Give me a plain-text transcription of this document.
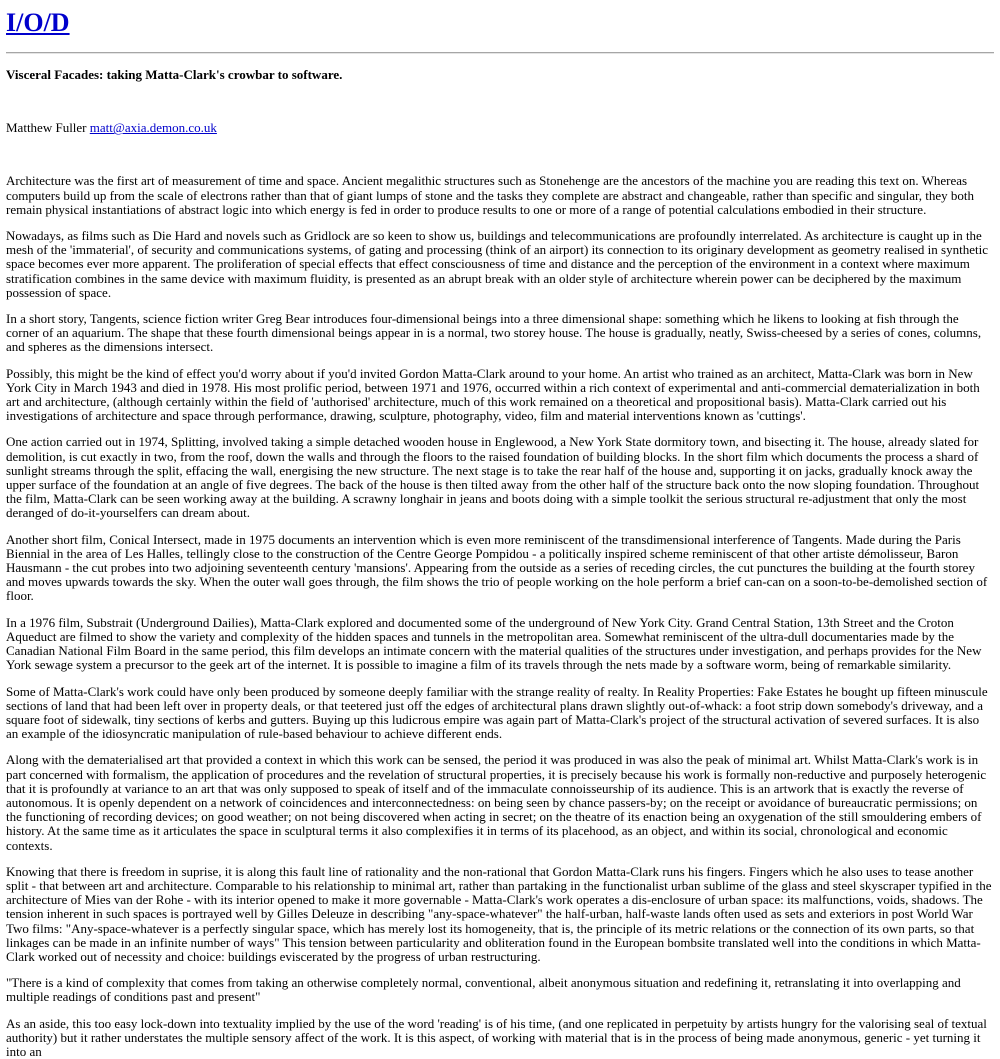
I/O/D
Visceral Facades: taking Matta-Clark's crowbar to software.
Matthew Fuller matt@axia.demon.co.uk

Architecture was the first art of measurement of time and space. Ancient megalithic structures such as Stonehenge are the ancestors of the machine you are reading this text on. Whereas computers build up from the scale of electrons rather than that of giant lumps of stone and the tasks they complete are abstract and changeable, rather than specific and singular, they both remain physical instantiations of abstract logic into which energy is fed in order to produce results to one or more of a range of potential calculations embodied in their structure.

Nowadays, as films such as Die Hard and novels such as Gridlock are so keen to show us, buildings and telecommunications are profoundly interrelated. As architecture is caught up in the mesh of the 'immaterial', of security and communications systems, of gating and processing (think of an airport) its connection to its originary development as geometry realised in synthetic space becomes ever more apparent. The proliferation of special effects that effect consciousness of time and distance and the perception of the environment in a context where maximum stratification combines in the same device with maximum fluidity, is presented as an abrupt break with an older style of architecture wherein power can be deciphered by the maximum possession of space.

In a short story, Tangents, science fiction writer Greg Bear introduces four-dimensional beings into a three dimensional shape: something which he likens to looking at fish through the corner of an aquarium. The shape that these fourth dimensional beings appear in is a normal, two storey house. The house is gradually, neatly, Swiss-cheesed by a series of cones, columns, and spheres as the dimensions intersect.

Possibly, this might be the kind of effect you'd worry about if you'd invited Gordon Matta-Clark around to your home. An artist who trained as an architect, Matta-Clark was born in New York City in March 1943 and died in 1978. His most prolific period, between 1971 and 1976, occurred within a rich context of experimental and anti-commercial dematerialization in both art and architecture, (although certainly within the field of 'authorised' architecture, much of this work remained on a theoretical and propositional basis). Matta-Clark carried out his investigations of architecture and space through performance, drawing, sculpture, photography, video, film and material interventions known as 'cuttings'.

One action carried out in 1974, Splitting, involved taking a simple detached wooden house in Englewood, a New York State dormitory town, and bisecting it. The house, already slated for demolition, is cut exactly in two, from the roof, down the walls and through the floors to the raised foundation of building blocks. In the short film which documents the process a shard of sunlight streams through the split, effacing the wall, energising the new structure. The next stage is to take the rear half of the house and, supporting it on jacks, gradually knock away the upper surface of the foundation at an angle of five degrees. The back of the house is then tilted away from the other half of the structure back onto the now sloping foundation. Throughout the film, Matta-Clark can be seen working away at the building. A scrawny longhair in jeans and boots doing with a simple toolkit the serious structural re-adjustment that only the most deranged of do-it-yourselfers can dream about.

Another short film, Conical Intersect, made in 1975 documents an intervention which is even more reminiscent of the transdimensional interference of Tangents. Made during the Paris Biennial in the area of Les Halles, tellingly close to the construction of the Centre George Pompidou - a politically inspired scheme reminiscent of that other artiste démolisseur, Baron Hausmann - the cut probes into two adjoining seventeenth century 'mansions'. Appearing from the outside as a series of receding circles, the cut punctures the building at the fourth storey and moves upwards towards the sky. When the outer wall goes through, the film shows the trio of people working on the hole perform a brief can-can on a soon-to-be-demolished section of floor.

In a 1976 film, Substrait (Underground Dailies), Matta-Clark explored and documented some of the underground of New York City. Grand Central Station, 13th Street and the Croton Aqueduct are filmed to show the variety and complexity of the hidden spaces and tunnels in the metropolitan area. Somewhat reminiscent of the ultra-dull documentaries made by the Canadian National Film Board in the same period, this film develops an intimate concern with the material qualities of the structures under investigation, and perhaps provides for the New York sewage system a precursor to the geek art of the internet. It is possible to imagine a film of its travels through the nets made by a software worm, being of remarkable similarity.

Some of Matta-Clark's work could have only been produced by someone deeply familiar with the strange reality of realty. In Reality Properties: Fake Estates he bought up fifteen minuscule sections of land that had been left over in property deals, or that teetered just off the edges of architectural plans drawn slightly out-of-whack: a foot strip down somebody's driveway, and a square foot of sidewalk, tiny sections of kerbs and gutters. Buying up this ludicrous empire was again part of Matta-Clark's project of the structural activation of severed surfaces. It is also an example of the idiosyncratic manipulation of rule-based behaviour to achieve different ends.

Along with the dematerialised art that provided a context in which this work can be sensed, the period it was produced in was also the peak of minimal art. Whilst Matta-Clark's work is in part concerned with formalism, the application of procedures and the revelation of structural properties, it is precisely because his work is formally non-reductive and purposely heterogenic that it is profoundly at variance to an art that was only supposed to speak of itself and of the immaculate connoisseurship of its audience. This is an artwork that is exactly the reverse of autonomous. It is openly dependent on a network of coincidences and interconnectedness: on being seen by chance passers-by; on the receipt or avoidance of bureaucratic permissions; on the functioning of recording devices; on good weather; on not being discovered when acting in secret; on the theatre of its enaction being an oxygenation of the still smouldering embers of history. At the same time as it articulates the space in sculptural terms it also complexifies it in terms of its placehood, as an object, and within its social, chronological and economic contexts.

Knowing that there is freedom in suprise, it is along this fault line of rationality and the non-rational that Gordon Matta-Clark runs his fingers. Fingers which he also uses to tease another split - that between art and architecture. Comparable to his relationship to minimal art, rather than partaking in the functionalist urban sublime of the glass and steel skyscraper typified in the architecture of Mies van der Rohe - with its interior opened to make it more governable - Matta-Clark's work operates a dis-enclosure of urban space: its malfunctions, voids, shadows. The tension inherent in such spaces is portrayed well by Gilles Deleuze in describing "any-space-whatever" the half-urban, half-waste lands often used as sets and exteriors in post World War Two films: "Any-space-whatever is a perfectly singular space, which has merely lost its homogeneity, that is, the principle of its metric relations or the connection of its own parts, so that linkages can be made in an infinite number of ways" This tension between particularity and obliteration found in the European bombsite translated well into the conditions in which Matta-Clark worked out of necessity and choice: buildings eviscerated by the progress of urban restructuring.

"There is a kind of complexity that comes from taking an otherwise completely normal, conventional, albeit anonymous situation and redefining it, retranslating it into overlapping and multiple readings of conditions past and present"

As an aside, this too easy lock-down into textuality implied by the use of the word 'reading' is of his time, (and one replicated in perpetuity by artists hungry for the valorising seal of textual authority) but it rather understates the multiple sensory affect of the work. It is this aspect, of working with material that is in the process of being made anonymous, generic - yet turning it into an
